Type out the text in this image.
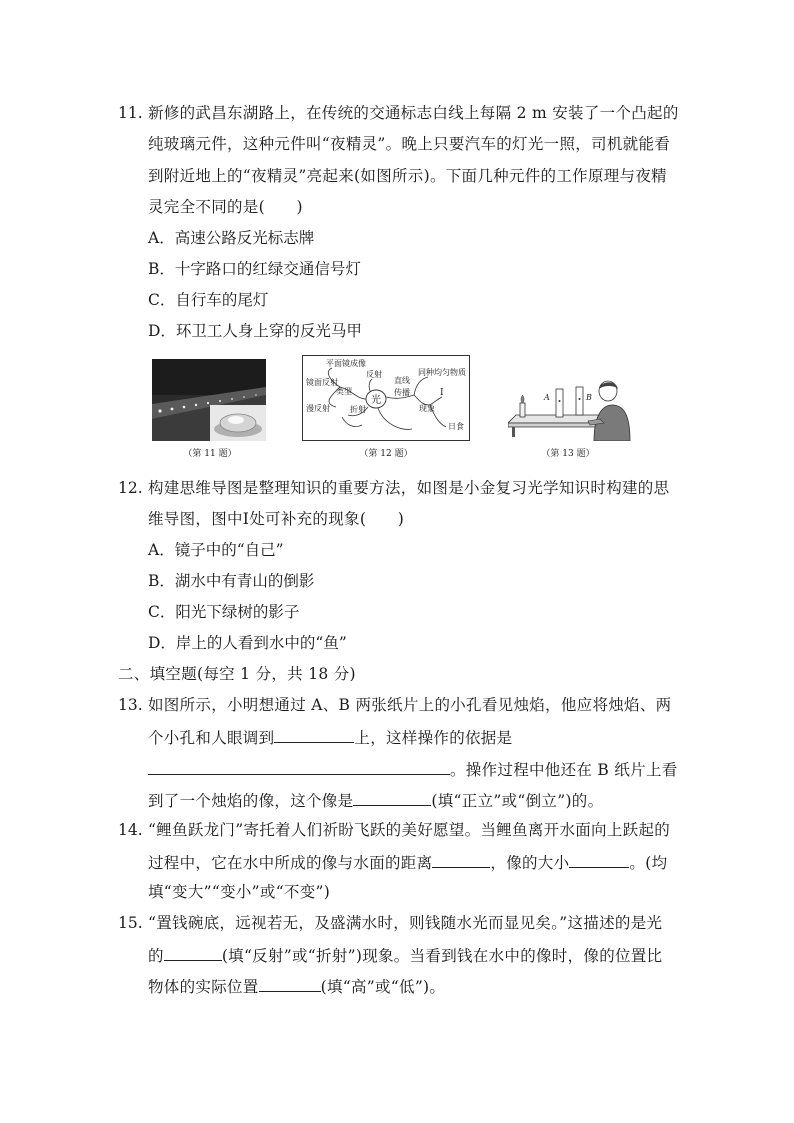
11. 新修的武昌东湖路上，在传统的交通标志白线上每隔 2 m 安装了一个凸起的
纯玻璃元件，这种元件叫“夜精灵”。晚上只要汽车的灯光一照，司机就能看
到附近地上的“夜精灵”亮起来(如图所示)。下面几种元件的工作原理与夜精
灵完全不同的是(　　)
A．高速公路反光标志牌
B．十字路口的红绿交通信号灯
C．自行车的尾灯
D．环卫工人身上穿的反光马甲
（第 11 题）
平面镜成像
镜面反射
类型
反射
漫反射	折射
光
直线
传播
同种均匀物质
Ⅰ
现象
日食
（第 12 题）
A	B
（第 13 题）
12. 构建思维导图是整理知识的重要方法，如图是小金复习光学知识时构建的思
维导图，图中Ⅰ处可补充的现象(　　)
A．镜子中的“自己”
B．湖水中有青山的倒影
C．阳光下绿树的影子
D．岸上的人看到水中的“鱼”
二、填空题(每空 1 分，共 18 分)
13. 如图所示，小明想通过 A、B 两张纸片上的小孔看见烛焰，他应将烛焰、两
个小孔和人眼调到	上，这样操作的依据是
。操作过程中他还在 B 纸片上看
到了一个烛焰的像，这个像是	(填“正立”或“倒立”)的。
14. “鲤鱼跃龙门”寄托着人们祈盼飞跃的美好愿望。当鲤鱼离开水面向上跃起的
过程中，它在水中所成的像与水面的距离	，像的大小	。(均
填“变大”“变小”或“不变”)
15. “置钱碗底，远视若无，及盛满水时，则钱随水光而显见矣。”这描述的是光
的	(填“反射”或“折射”)现象。当看到钱在水中的像时，像的位置比
物体的实际位置	(填“高”或“低”)。
